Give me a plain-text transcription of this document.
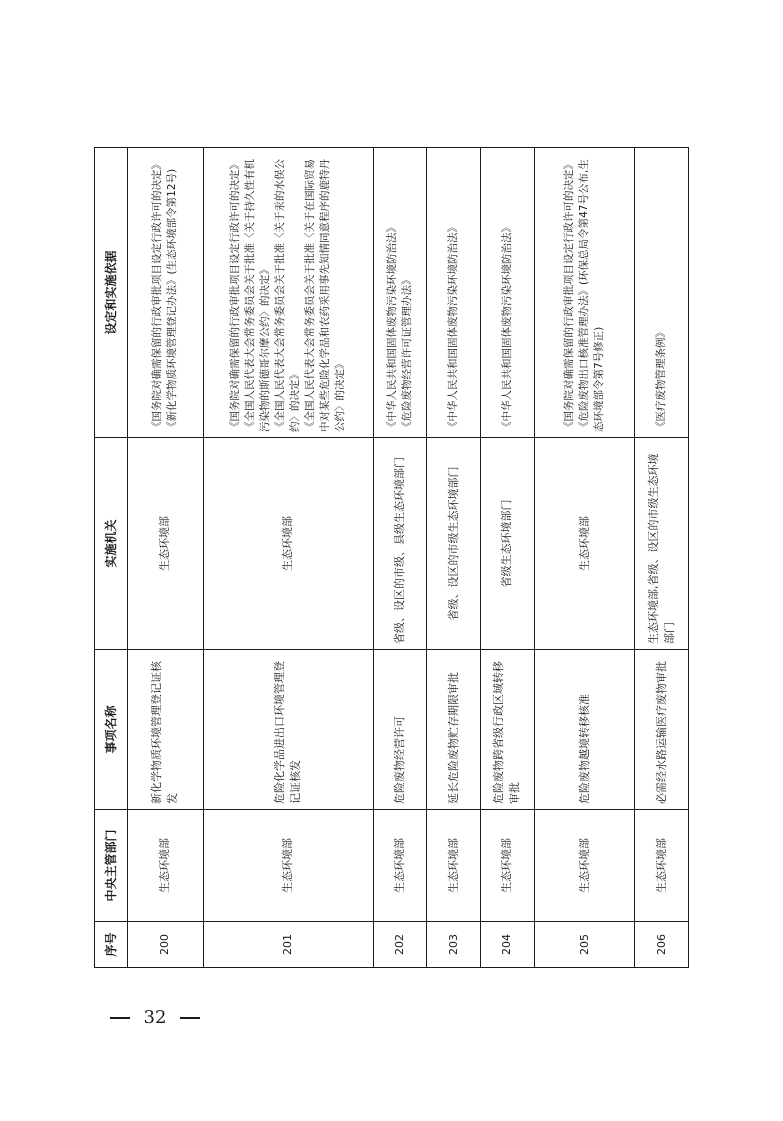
32
序号	中央主管部门	事项名称	实施机关	设定和实施依据
200	生态环境部	新化学物质环境管理登记证核发	生态环境部	《国务院对确需保留的行政审批项目设定行政许可的决定》 《新化学物质环境管理登记办法》(生态环境部令第12号)

201	生态环境部	危险化学品进出口环境管理登记证核发	生态环境部	《国务院对确需保留的行政审批项目设定行政许可的决定》 《全国人民代表大会常务委员会关于批准〈关于持久性有机污染物的斯德哥尔摩公约〉的决定》 《全国人民代表大会常务委员会关于批准〈关于汞的水俣公约〉的决定》 《全国人民代表大会常务委员会关于批准〈关于在国际贸易中对某些危险化学品和农药采用事先知情同意程序的鹿特丹公约〉的决定》

202	生态环境部	危险废物经营许可	省级、设区的市级、县级生态环境部门	《中华人民共和国固体废物污染环境防治法》 《危险废物经营许可证管理办法》

203	生态环境部	延长危险废物贮存期限审批	省级、设区的市级生态环境部门	《中华人民共和国固体废物污染环境防治法》

204	生态环境部	危险废物跨省级行政区域转移审批	省级生态环境部门	《中华人民共和国固体废物污染环境防治法》

205	生态环境部	危险废物越境转移核准	生态环境部	《国务院对确需保留的行政审批项目设定行政许可的决定》 《危险废物出口核准管理办法》(环保总局令第47号公布,生态环境部令第7号修正)

206	生态环境部	必需经水路运输医疗废物审批	生态环境部,省级、设区的市级生态环境部门	《医疗废物管理条例》
